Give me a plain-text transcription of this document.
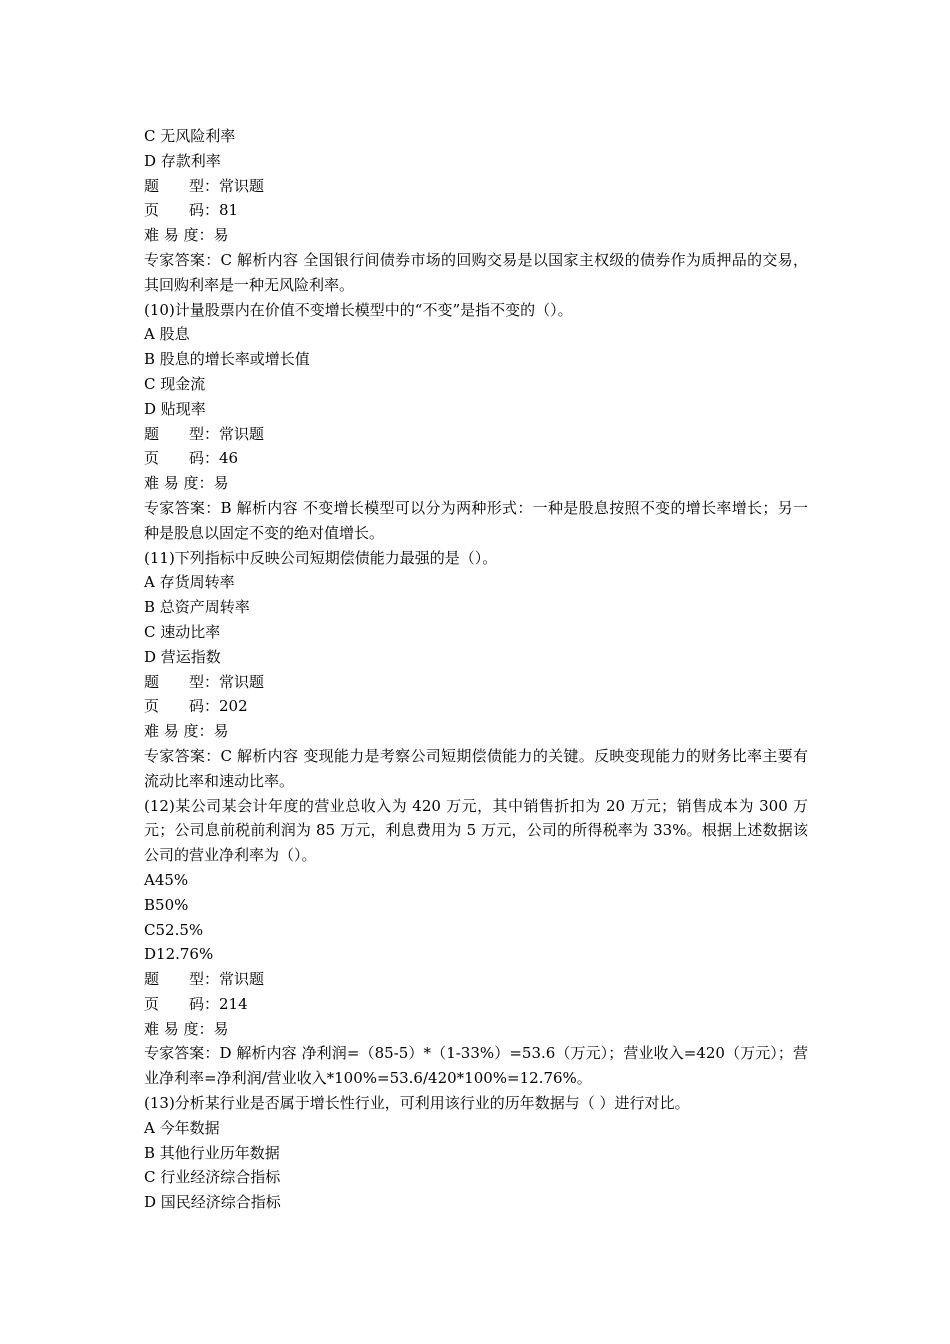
C 无风险利率
D 存款利率
题　　型：常识题
页　　码：81
难 易 度：易
专家答案：C 解析内容 全国银行间债券市场的回购交易是以国家主权级的债券作为质押品的交易，其回购利率是一种无风险利率。
(10)计量股票内在价值不变增长模型中的“不变”是指不变的（）。
A 股息
B 股息的增长率或增长值
C 现金流
D 贴现率
题　　型：常识题
页　　码：46
难 易 度：易
专家答案：B 解析内容 不变增长模型可以分为两种形式：一种是股息按照不变的增长率增长；另一种是股息以固定不变的绝对值增长。
(11)下列指标中反映公司短期偿债能力最强的是（）。
A 存货周转率
B 总资产周转率
C 速动比率
D 营运指数
题　　型：常识题
页　　码：202
难 易 度：易
专家答案：C 解析内容 变现能力是考察公司短期偿债能力的关键。反映变现能力的财务比率主要有流动比率和速动比率。
(12)某公司某会计年度的营业总收入为 420 万元，其中销售折扣为 20 万元；销售成本为 300 万元；公司息前税前利润为 85 万元，利息费用为 5 万元，公司的所得税率为 33%。根据上述数据该公司的营业净利率为（）。
A45%
B50%
C52.5%
D12.76%
题　　型：常识题
页　　码：214
难 易 度：易
专家答案：D 解析内容 净利润=（85-5）*（1-33%）=53.6（万元）；营业收入=420（万元）；营业净利率=净利润/营业收入*100%=53.6/420*100%=12.76%。
(13)分析某行业是否属于增长性行业，可利用该行业的历年数据与（ ）进行对比。
A 今年数据
B 其他行业历年数据
C 行业经济综合指标
D 国民经济综合指标
